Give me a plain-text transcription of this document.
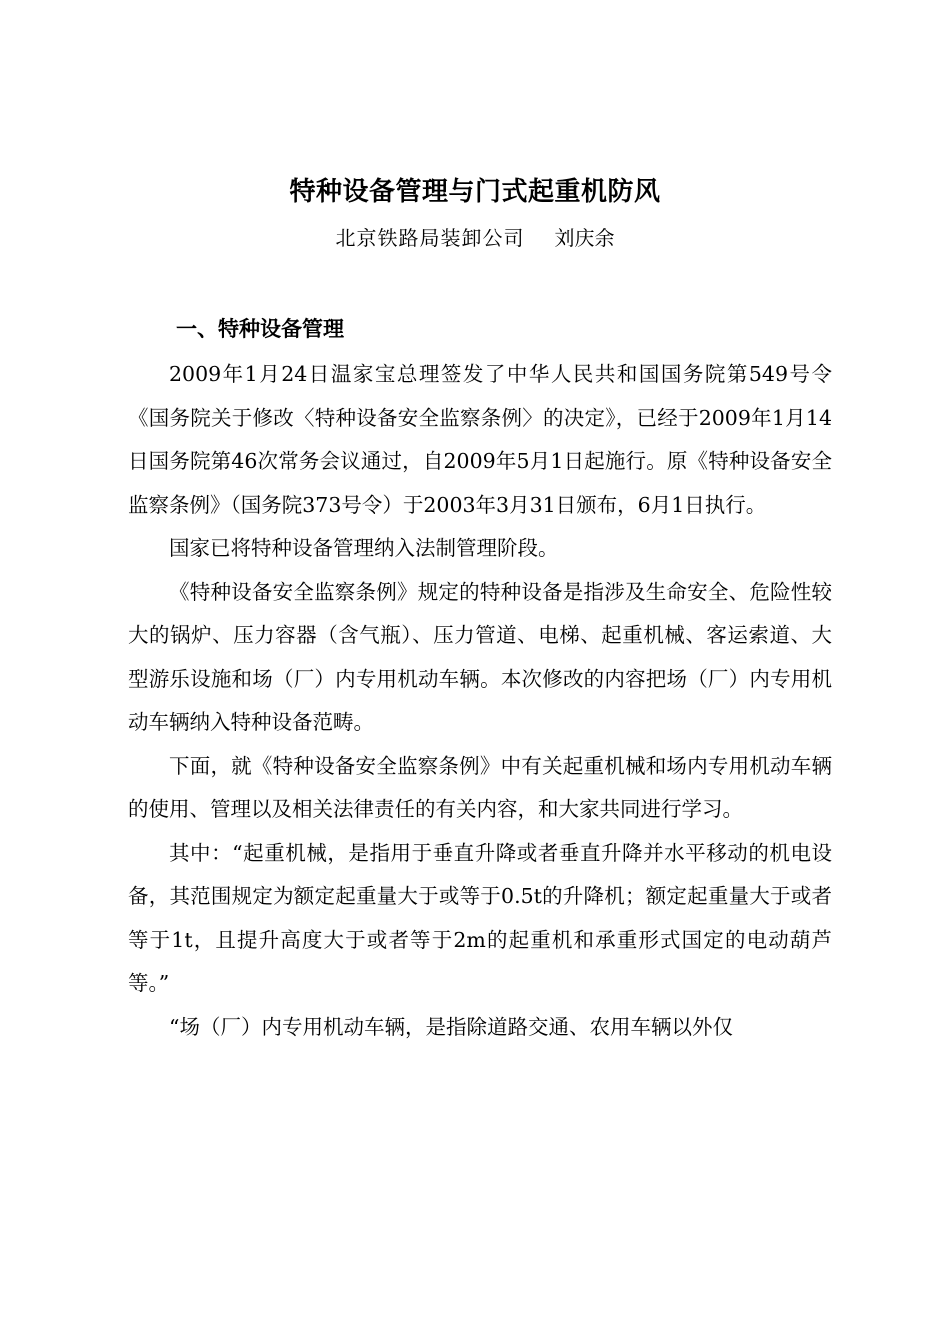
特种设备管理与门式起重机防风
北京铁路局装卸公司 刘庆余
一、特种设备管理

2009年1月24日温家宝总理签发了中华人民共和国国务院第549号令《国务院关于修改〈特种设备安全监察条例〉的决定》，已经于2009年1月14日国务院第46次常务会议通过，自2009年5月1日起施行。原《特种设备安全监察条例》（国务院373号令）于2003年3月31日颁布，6月1日执行。

国家已将特种设备管理纳入法制管理阶段。

《特种设备安全监察条例》规定的特种设备是指涉及生命安全、危险性较大的锅炉、压力容器（含气瓶）、压力管道、电梯、起重机械、客运索道、大型游乐设施和场（厂）内专用机动车辆。本次修改的内容把场（厂）内专用机动车辆纳入特种设备范畴。

下面，就《特种设备安全监察条例》中有关起重机械和场内专用机动车辆的使用、管理以及相关法律责任的有关内容，和大家共同进行学习。

其中：“起重机械，是指用于垂直升降或者垂直升降并水平移动的机电设备，其范围规定为额定起重量大于或等于0.5t的升降机；额定起重量大于或者等于1t，且提升高度大于或者等于2m的起重机和承重形式国定的电动葫芦等。”

“场（厂）内专用机动车辆，是指除道路交通、农用车辆以外仅
